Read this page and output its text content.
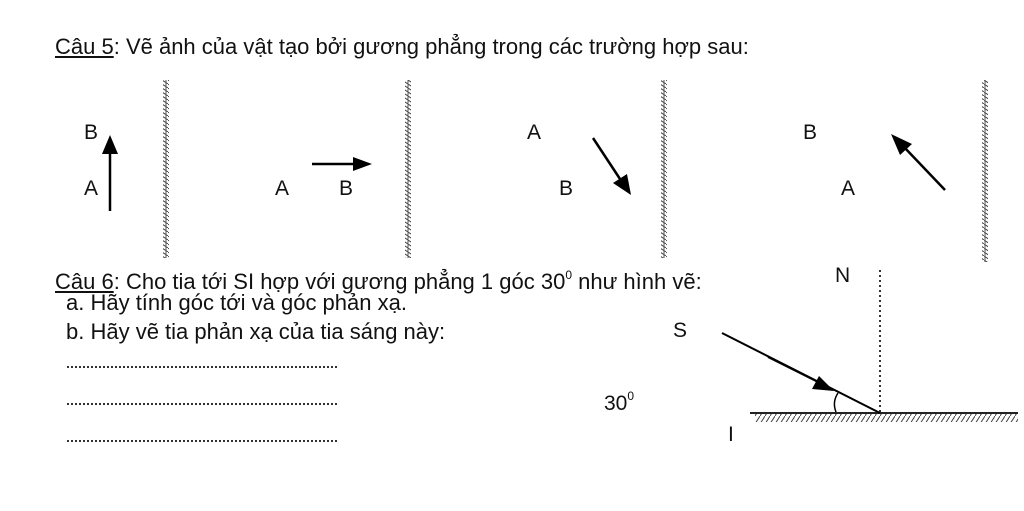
Câu 5: Vẽ ảnh của vật tạo bởi gương phẳng trong các trường hợp sau:
B
A	A B
A
B
B
A
Câu 6: Cho tia tới SI hợp với gương phẳng 1 góc $30^0$ như hình vẽ:
a. Hãy tính góc tới và góc phản xạ.
b. Hãy vẽ tia phản xạ của tia sáng này:
N
S
I
$30^0$
